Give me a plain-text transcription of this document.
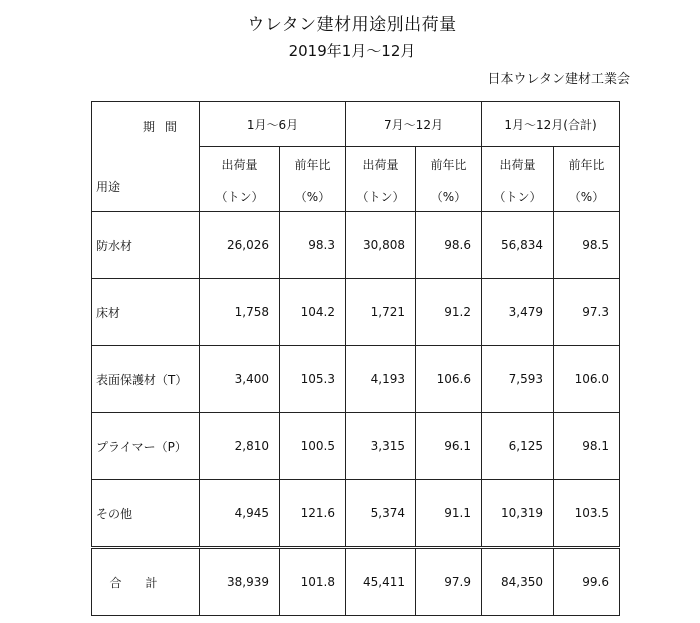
ウレタン建材用途別出荷量
2019年1月～12月
日本ウレタン建材工業会
期間
用途	1月～6月		7月～12月		1月～12月(合計)	
	出荷量	前年比	出荷量	前年比	出荷量	前年比
	（トン）	（%）	（トン）	（%）	（トン）	（%）
防水材	26,026	98.3	30,808	98.6	56,834	98.5
床材	1,758	104.2	1,721	91.2	3,479	97.3
表面保護材（T）	3,400	105.3	4,193	106.6	7,593	106.0
プライマー（P）	2,810	100.5	3,315	96.1	6,125	98.1
その他	4,945	121.6	5,374	91.1	10,319	103.5
合計	38,939	101.8	45,411	97.9	84,350	99.6
